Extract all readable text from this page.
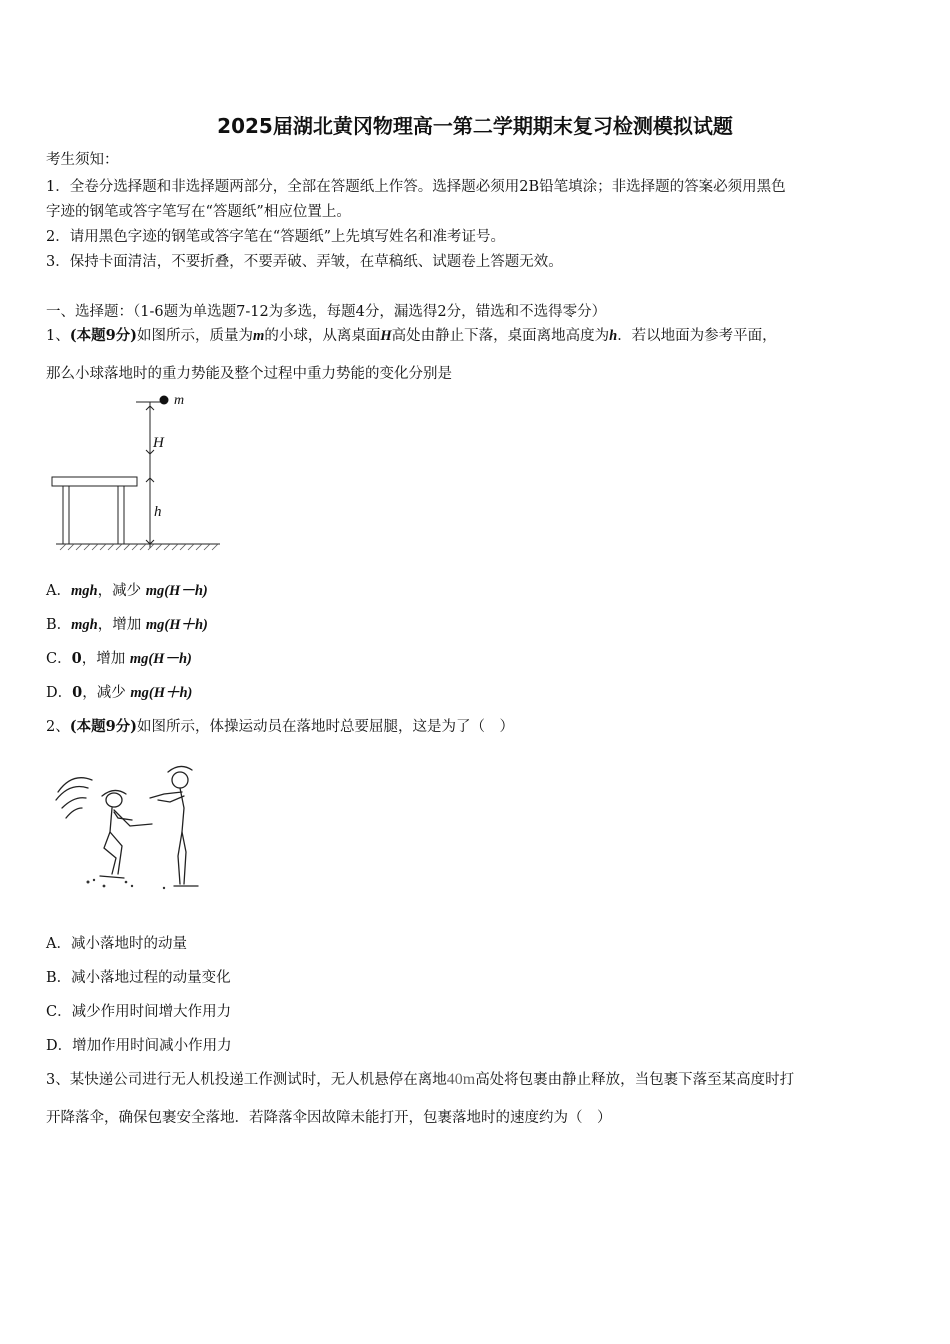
2025届湖北黄冈物理高一第二学期期末复习检测模拟试题
考生须知：
1．全卷分选择题和非选择题两部分，全部在答题纸上作答。选择题必须用2B铅笔填涂；非选择题的答案必须用黑色
字迹的钢笔或答字笔写在“答题纸”相应位置上。
2．请用黑色字迹的钢笔或答字笔在“答题纸”上先填写姓名和准考证号。
3．保持卡面清洁，不要折叠，不要弄破、弄皱，在草稿纸、试题卷上答题无效。
一、选择题：（1-6题为单选题7-12为多选，每题4分，漏选得2分，错选和不选得零分）
1、(本题9分)如图所示，质量为m的小球，从离桌面H高处由静止下落，桌面离地高度为h．若以地面为参考平面，
那么小球落地时的重力势能及整个过程中重力势能的变化分别是
m
H
h
A．mgh，减少 mg(H－h)
B．mgh，增加 mg(H＋h)
C．0，增加 mg(H－h)
D．0，减少 mg(H＋h)
2、(本题9分)如图所示，体操运动员在落地时总要屈腿，这是为了（　）
A．减小落地时的动量
B．减小落地过程的动量变化
C．减少作用时间增大作用力
D．增加作用时间减小作用力
3、某快递公司进行无人机投递工作测试时，无人机悬停在离地40m高处将包裹由静止释放，当包裹下落至某高度时打
开降落伞，确保包裹安全落地．若降落伞因故障未能打开，包裹落地时的速度约为（　）
